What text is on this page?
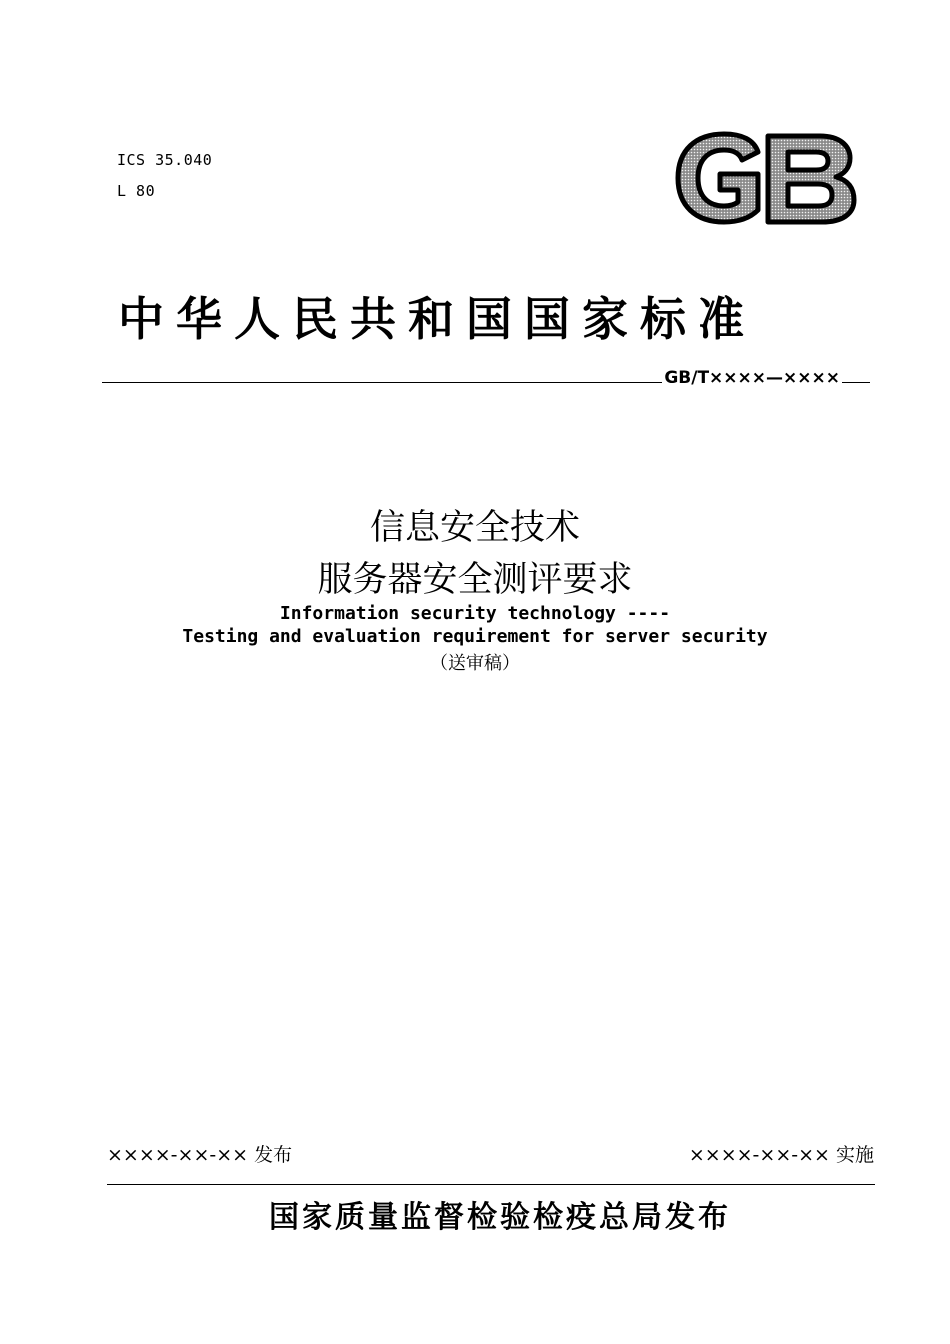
ICS 35.040
L 80
中华人民共和国国家标准
GB/T××××—××××
信息安全技术
服务器安全测评要求
Information security technology ----
Testing and evaluation requirement for server security
（送审稿）
××××-××-×× 发布	××××-××-×× 实施
国家质量监督检验检疫总局发布
